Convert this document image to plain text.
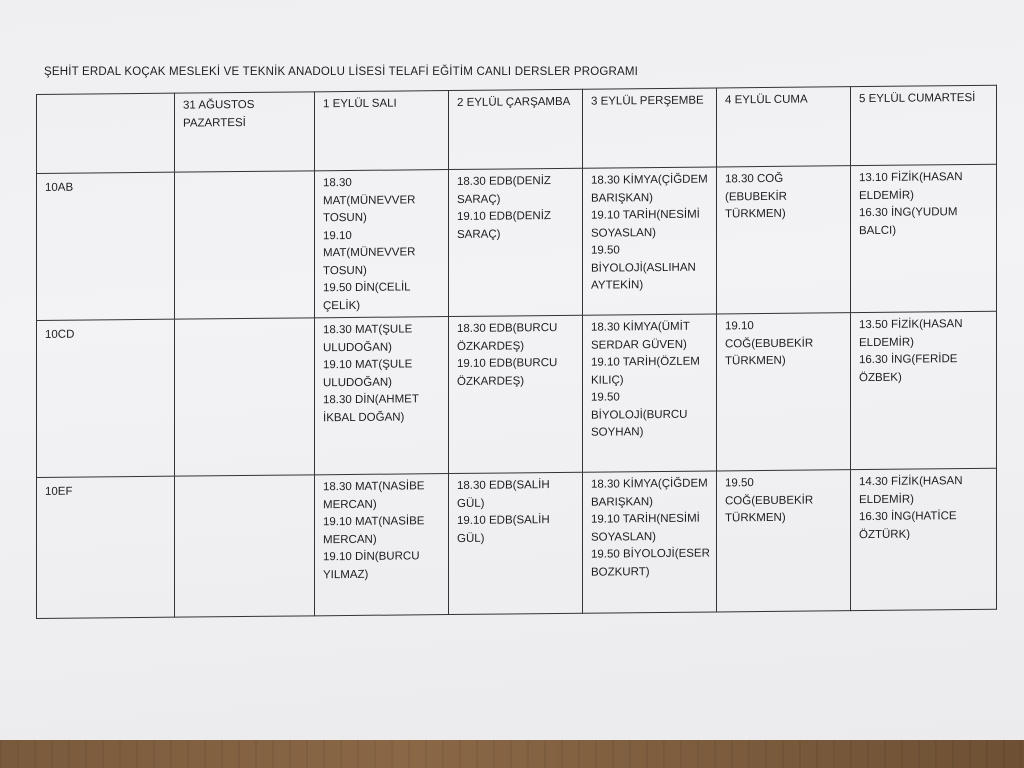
ŞEHİT ERDAL KOÇAK MESLEKİ VE TEKNİK ANADOLU LİSESİ TELAFİ EĞİTİM CANLI DERSLER PROGRAMI
	31 AĞUSTOS PAZARTESİ	1 EYLÜL SALI	2 EYLÜL ÇARŞAMBA	3 EYLÜL PERŞEMBE	4 EYLÜL CUMA	5 EYLÜL CUMARTESİ
10AB		18.30 MAT(MÜNEVVER TOSUN)
19.10 MAT(MÜNEVVER TOSUN)
19.50 DİN(CELİL ÇELİK)	18.30 EDB(DENİZ SARAÇ)
19.10 EDB(DENİZ SARAÇ)	18.30 KİMYA(ÇİĞDEM BARIŞKAN)
19.10 TARİH(NESİMİ SOYASLAN)
19.50 BİYOLOJİ(ASLIHAN AYTEKİN)	18.30 COĞ (EBUBEKİR TÜRKMEN)	13.10 FİZİK(HASAN ELDEMİR)
16.30 İNG(YUDUM BALCI)

10CD		18.30 MAT(ŞULE ULUDOĞAN)
19.10 MAT(ŞULE ULUDOĞAN)
18.30 DİN(AHMET İKBAL DOĞAN)	18.30 EDB(BURCU ÖZKARDEŞ)
19.10 EDB(BURCU ÖZKARDEŞ)	18.30 KİMYA(ÜMİT SERDAR GÜVEN)
19.10 TARİH(ÖZLEM KILIÇ)
19.50 BİYOLOJİ(BURCU SOYHAN)	19.10 COĞ(EBUBEKİR TÜRKMEN)	13.50 FİZİK(HASAN ELDEMİR)
16.30 İNG(FERİDE ÖZBEK)

10EF		18.30 MAT(NASİBE MERCAN)
19.10 MAT(NASİBE MERCAN)
19.10 DİN(BURCU YILMAZ)	18.30 EDB(SALİH GÜL)
19.10 EDB(SALİH GÜL)	18.30 KİMYA(ÇİĞDEM BARIŞKAN)
19.10 TARİH(NESİMİ SOYASLAN)
19.50 BİYOLOJİ(ESER BOZKURT)	19.50 COĞ(EBUBEKİR TÜRKMEN)	14.30 FİZİK(HASAN ELDEMİR)
16.30 İNG(HATİCE ÖZTÜRK)
